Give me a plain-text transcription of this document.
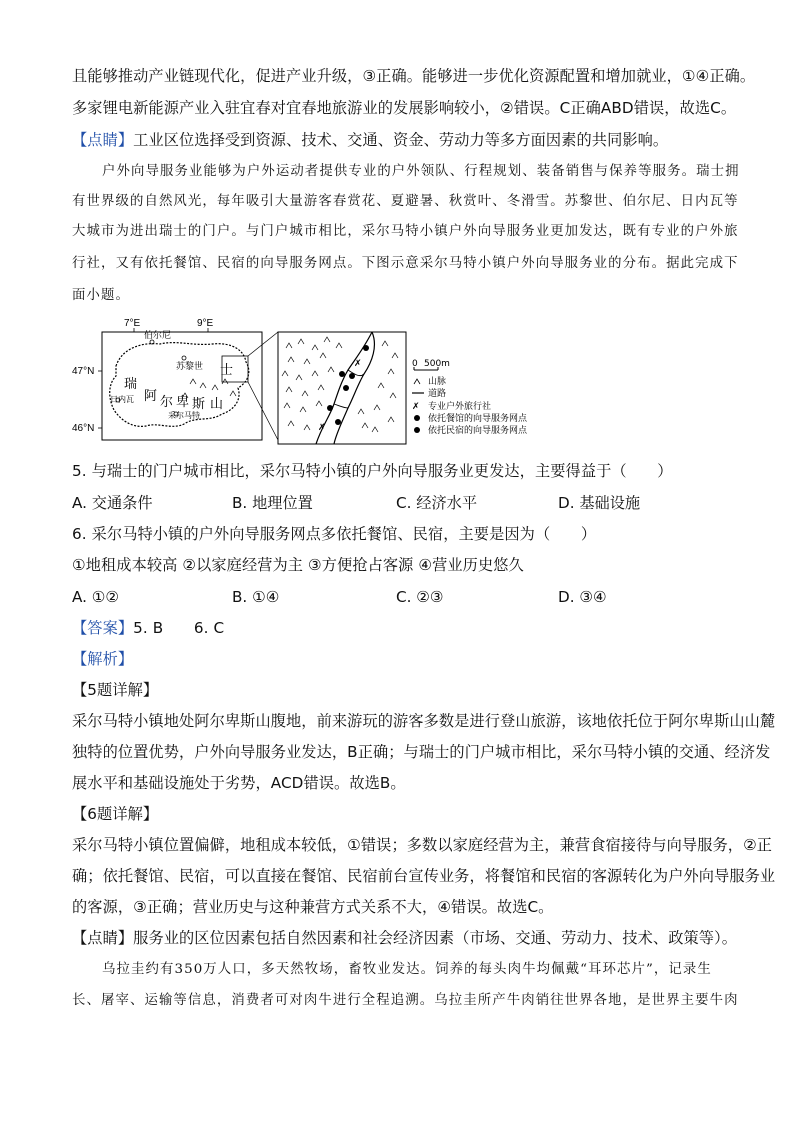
且能够推动产业链现代化，促进产业升级，③正确。能够进一步优化资源配置和增加就业，①④正确。
多家锂电新能源产业入驻宜春对宜春地旅游业的发展影响较小，②错误。C正确ABD错误，故选C。
【点睛】工业区位选择受到资源、技术、交通、资金、劳动力等多方面因素的共同影响。
户外向导服务业能够为户外运动者提供专业的户外领队、行程规划、装备销售与保养等服务。瑞士拥
有世界级的自然风光，每年吸引大量游客春赏花、夏避暑、秋赏叶、冬滑雪。苏黎世、伯尔尼、日内瓦等
大城市为进出瑞士的门户。与门户城市相比，采尔马特小镇户外向导服务业更加发达，既有专业的户外旅
行社，又有依托餐馆、民宿的向导服务网点。下图示意采尔马特小镇户外向导服务业的分布。据此完成下
面小题。
7°E	9°E
47°N
46°N
伯尔尼
苏黎世
日内瓦
采尔马特
瑞
士
阿 尔 卑 斯 山
✗
✗
0 500m
山脉
道路
✗ 专业户外旅行社
依托餐馆的向导服务网点
依托民宿的向导服务网点
5. 与瑞士的门户城市相比，采尔马特小镇的户外向导服务业更发达，主要得益于（　　）
A. 交通条件	B. 地理位置	C. 经济水平	D. 基础设施
6. 采尔马特小镇的户外向导服务网点多依托餐馆、民宿，主要是因为（　　）
①地租成本较高 ②以家庭经营为主 ③方便抢占客源 ④营业历史悠久
A. ①②	B. ①④	C. ②③	D. ③④
【答案】5. B　　6. C
【解析】
【5题详解】
采尔马特小镇地处阿尔卑斯山腹地，前来游玩的游客多数是进行登山旅游，该地依托位于阿尔卑斯山山麓
独特的位置优势，户外向导服务业发达，B正确；与瑞士的门户城市相比，采尔马特小镇的交通、经济发
展水平和基础设施处于劣势，ACD错误。故选B。
【6题详解】
采尔马特小镇位置偏僻，地租成本较低，①错误；多数以家庭经营为主，兼营食宿接待与向导服务，②正
确；依托餐馆、民宿，可以直接在餐馆、民宿前台宣传业务，将餐馆和民宿的客源转化为户外向导服务业
的客源，③正确；营业历史与这种兼营方式关系不大，④错误。故选C。
【点睛】服务业的区位因素包括自然因素和社会经济因素（市场、交通、劳动力、技术、政策等）。
乌拉圭约有350万人口，多天然牧场，畜牧业发达。饲养的每头肉牛均佩戴“耳环芯片”，记录生
长、屠宰、运输等信息，消费者可对肉牛进行全程追溯。乌拉圭所产牛肉销往世界各地，是世界主要牛肉
